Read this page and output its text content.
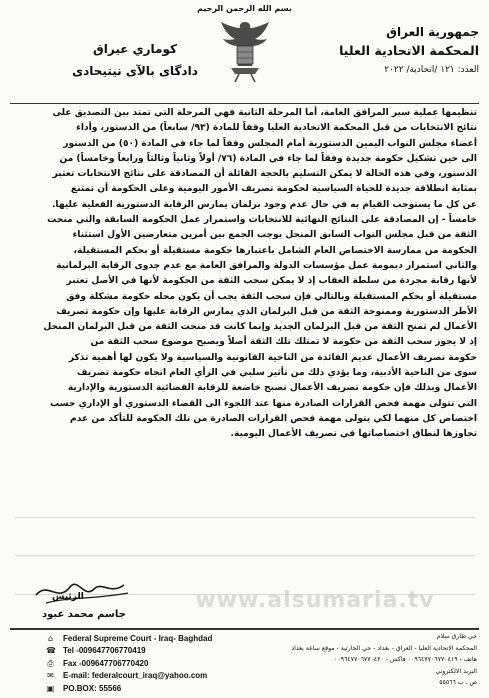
بسم الله الرحمن الرحيم
جمهورية العراق
المحكمة الاتحادية العليا
العدد: ١٢١ /اتحادية/ ٢٠٢٢
كوماري عيراق
دادگاى بالآى نيتيحادى
تنظيمها عملية سير المرافق العامة، أما المرحلة الثانية فهي المرحلة التي تمتد بين التصديق على
نتائج الانتخابات من قبل المحكمة الاتحادية العليا وفقاً للمادة (٩٣/ سابعاً) من الدستور، وأداء
أعضاء مجلس النواب اليمين الدستورية أمام المجلس وفقاً لما جاء في المادة (٥٠) من الدستور
الى حين تشكيل حكومة جديدة وفقاً لما جاء في المادة (٧٦/ أولاً وثانياً وثالثاً ورابعاً وخامساً) من
الدستور، وفي هذه الحالة لا يمكن التسليم بالحجة القائلة أن المصادقة على نتائج الانتخابات تعتبر
بمثابة انطلاقة جديدة للحياة السياسية لحكومة تصريف الأمور اليومية وعلى الحكومة أن تمتنع
عن كل ما يستوجب القيام به في حال عدم وجود برلمان يمارس الرقابة الدستورية الفعلية عليها.
خامساً - إن المصادقة على النتائج النهائية للانتخابات واستمرار عمل الحكومة السابقة والتي منحت
الثقة من قبل مجلس النواب السابق المنحل يوجب الجمع بين أمرين متعارضين الأول استثناء
الحكومة من ممارسة الاختصاص العام الشامل باعتبارها حكومة مستقيلة أو بحكم المستقيلة،
والثاني استمرار ديمومة عمل مؤسسات الدولة والمرافق العامة مع عدم جدوى الرقابة البرلمانية
لأنها رقابة مجردة من سلطة العقاب إذ لا يمكن سحب الثقة من الحكومة لأنها في الأصل تعتبر
مستقيلة أو بحكم المستقيلة وبالتالي فإن سحب الثقة يجب أن يكون محله حكومة مشكلة وفق
الأطر الدستورية وممنوحة الثقة من قبل البرلمان الذي يمارس الرقابة عليها وإن حكومة تصريف
الأعمال لم تمنح الثقة من قبل البرلمان الجديد وإنما كانت قد منحت الثقة من قبل البرلمان المنحل
إذ لا يجوز سحب الثقة من حكومة لا تمتلك تلك الثقة أصلاً ويصبح موضوع سحب الثقة من
حكومة تصريف الأعمال عديم الفائدة من الناحية القانونية والسياسية ولا يكون لها أهمية تذكر
سوى من الناحية الأدبية، وما يؤدي ذلك من تأثير سلبي في الرأي العام اتجاه حكومة تصريف
الأعمال وبذلك فإن حكومة تصريف الأعمال تصبح خاضعة للرقابة القضائية الدستورية والإدارية
التي تتولى مهمة فحص القرارات الصادرة منها عند اللجوء الى القضاء الدستوري أو الإداري حسب
اختصاص كل منهما لكي يتولى مهمة فحص القرارات الصادرة من تلك الحكومة للتأكد من عدم
تجاوزها لنطاق اختصاصاتها في تصريف الأعمال اليومية.
www.alsumaria.tv
الرئيس
جاسم محمد عبود
⌂
☎
⎙
✉
▣
Federal Supreme Court - Iraq- Baghdad
Tel -009647706770419
Fax -009647706770420
E-mail: federalcourt_iraq@yahoo.com
PO.BOX: 55566
جي طارق سلام
المحكمة الاتحادية العليا - العراق - بغداد - حي الحارثية - موقع ساعة بغداد
هاتف - ٠٠٩٦٤٧٧٠٦٧٧٠٤١٩ فاكس - ٠٠٩٦٤٧٧٠٦٧٧٠٤٢٠
البريد الالكتروني
ص . ب ٥٥٥٦٦
